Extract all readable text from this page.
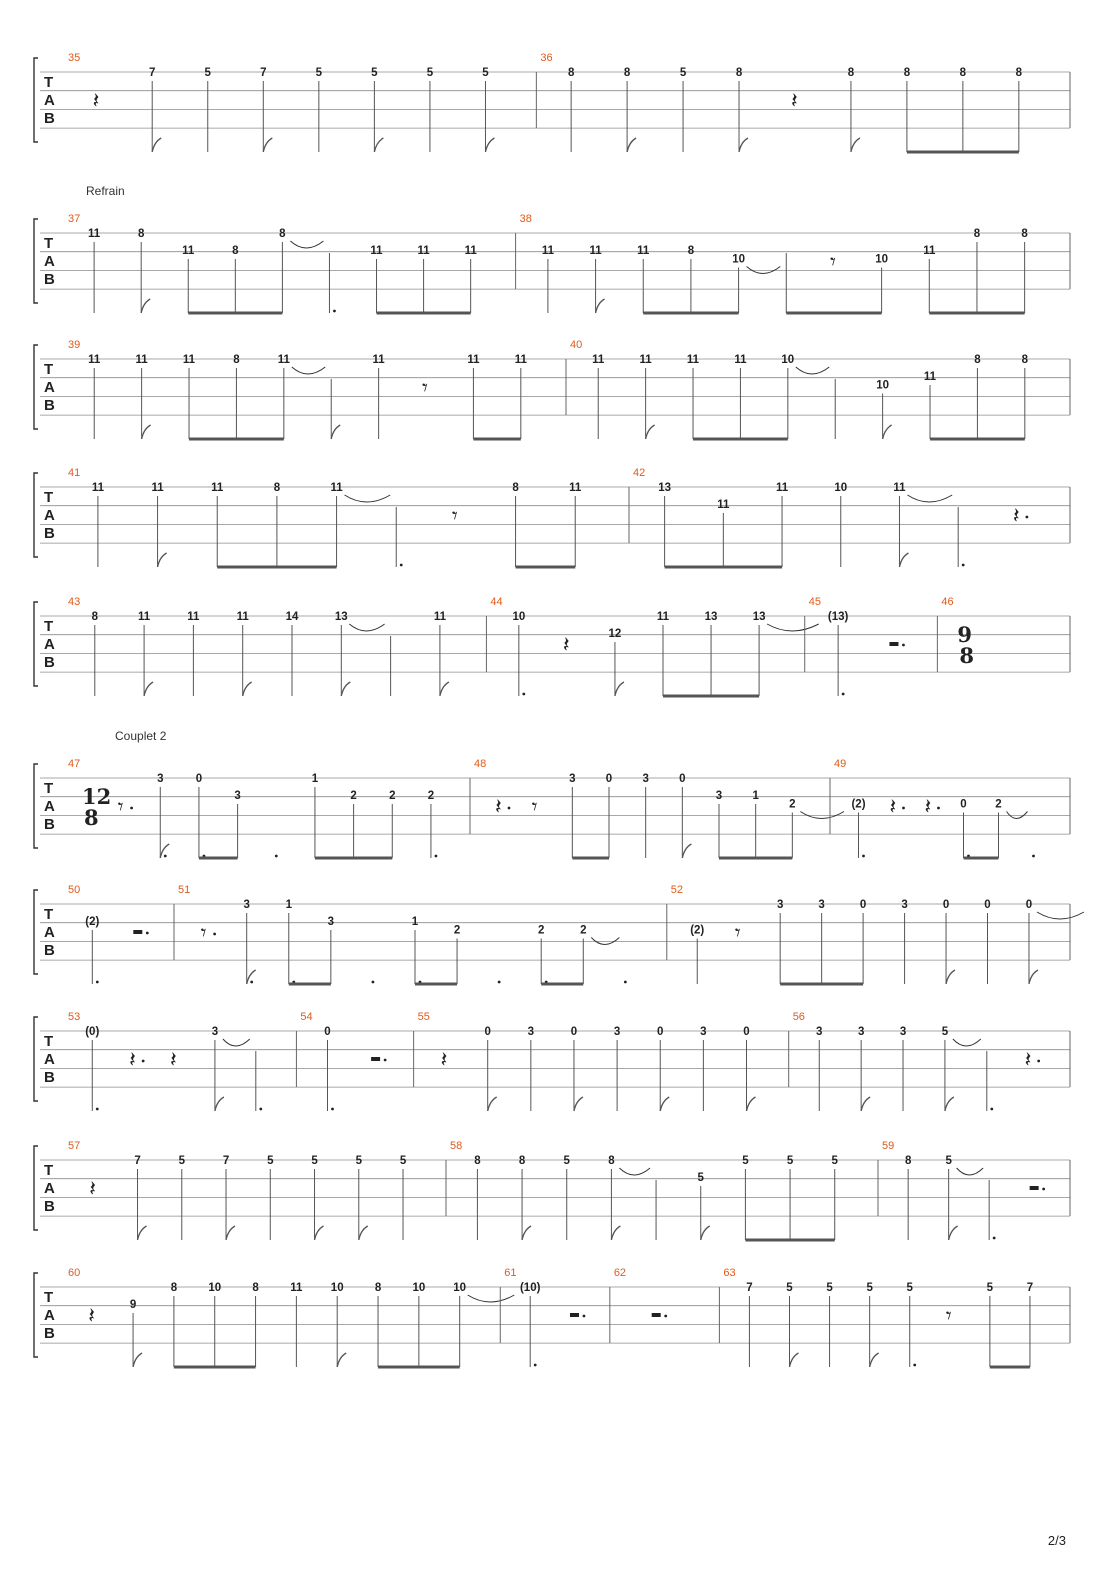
Refrain
Couplet 2
T
A
B
35
𝄽
7	5	7	5	5	5	5
36
8	8	5	8
𝄽
8	8	8	8
T
A
B
37
11	8
11	8
8
11	11	11
38
11	11	11	8
10	𝄾	10
11
8	8
T
A
B
39
11	11	11	8	11	11
𝄾
11	11
40
11	11	11	11	10
10
11
8	8
T
A
B
41
11	11	11	8	11
𝄾
8	11
42
13
11
11	10	11
𝄽
T
A
B
43
8	11	11	11	14	13	11
44
10
𝄽	12
11	13	13
45
(13)
46
9
8
T
A
B
47
12
8 𝄾
3	0
3
1
2	2	2
48
𝄽 𝄾
3	0	3	0
3	1
2
49
(2) 𝄽 𝄽	0 2
T
A
B
50
(2)
51
𝄾
3	1
3	1
2	2	2
52
(2) 𝄾
3	3	0	3	0	0	0
T
A
B
53
(0)
𝄽 𝄽
3
54
0
55
𝄽
0	3	0	3	0	3	0
56
3	3	3	5
𝄽
T
A
B
57
𝄽
7	5	7	5	5	5	5
58
8	8	5	8
5
5	5	5
59
8	5
T
A
B
60
𝄽	9
8	10	8	11 10	8	10 10
61
(10)
62	63
7	5	5	5	5
𝄾
5	7
2/3
